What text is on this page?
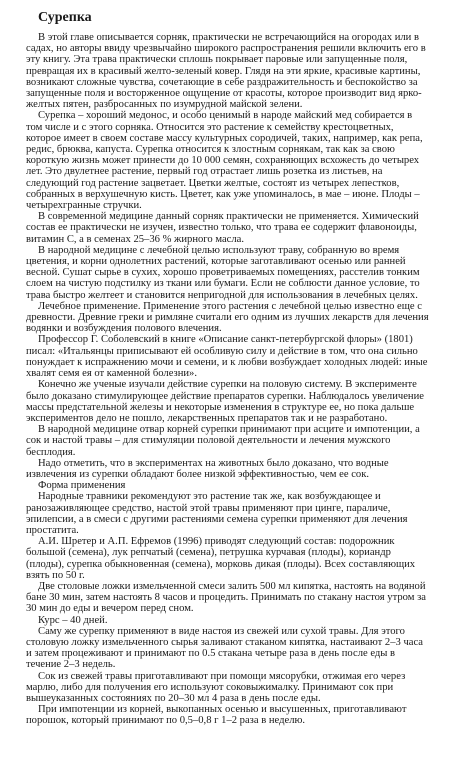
Сурепка

В этой главе описывается сорняк, практически не встречающийся на огородах или в садах, но авторы ввиду чрезвычайно широкого распространения решили включить его в эту книгу. Эта трава практически сплошь покрывает паровые или запущенные поля, превращая их в красивый желто-зеленый ковер. Глядя на эти яркие, красивые картины, возникают сложные чувства, сочетающие в себе раздражительность и беспокойство за запущенные поля и восторженное ощущение от красоты, которое производит вид ярко-желтых пятен, разбросанных по изумрудной майской зелени.

Сурепка – хороший медонос, и особо ценимый в народе майский мед собирается в том числе и с этого сорняка. Относится это растение к семейству крестоцветных, которое имеет в своем составе массу культурных сородичей, таких, например, как репа, редис, брюква, капуста. Сурепка относится к злостным сорнякам, так как за свою короткую жизнь может принести до 10 000 семян, сохраняющих всхожесть до четырех лет. Это двулетнее растение, первый год отрастает лишь розетка из листьев, на следующий год растение зацветает. Цветки желтые, состоят из четырех лепестков, собранных в верхушечную кисть. Цветет, как уже упоминалось, в мае – июне. Плоды – четырехгранные стручки.

В современной медицине данный сорняк практически не применяется. Химический состав ее практически не изучен, известно только, что трава ее содержит флавоноиды, витамин С, а в семенах 25–36 % жирного масла.

В народной медицине с лечебной целью используют траву, собранную во время цветения, и корни однолетних растений, которые заготавливают осенью или ранней весной. Сушат сырье в сухих, хорошо проветриваемых помещениях, расстелив тонким слоем на чистую подстилку из ткани или бумаги. Если не соблюсти данное условие, то трава быстро желтеет и становится непригодной для использования в лечебных целях.

Лечебное применение. Применение этого растения с лечебной целью известно еще с древности. Древние греки и римляне считали его одним из лучших лекарств для лечения водянки и возбуждения полового влечения.

Профессор Г. Соболевский в книге «Описание санкт-петербургской флоры» (1801) писал: «Итальянцы приписывают ей особливую силу и действие в том, что она сильно понуждает к испражнению мочи и семени, и к любви возбуждает холодных людей: иные хвалят семя ея от каменной болезни».

Конечно же ученые изучали действие сурепки на половую систему. В эксперименте было доказано стимулирующее действие препаратов сурепки. Наблюдалось увеличение массы предстательной железы и некоторые изменения в структуре ее, но пока дальше экспериментов дело не пошло, лекарственных препаратов так и не разработано.

В народной медицине отвар корней сурепки принимают при асците и импотенции, а сок и настой травы – для стимуляции половой деятельности и лечения мужского бесплодия.

Надо отметить, что в экспериментах на животных было доказано, что водные извлечения из сурепки обладают более низкой эффективностью, чем ее сок.

Форма применения

Народные травники рекомендуют это растение так же, как возбуждающее и ранозаживляющее средство, настой этой травы применяют при цинге, параличе, эпилепсии, а в смеси с другими растениями семена сурепки применяют для лечения простатита.

А.И. Шретер и А.П. Ефремов (1996) приводят следующий состав: подорожник большой (семена), лук репчатый (семена), петрушка курчавая (плоды), кориандр (плоды), сурепка обыкновенная (семена), морковь дикая (плоды). Всех составляющих взять по 50 г.

Две столовые ложки измельченной смеси залить 500 мл кипятка, настоять на водяной бане 30 мин, затем настоять 8 часов и процедить. Принимать по стакану настоя утром за 30 мин до еды и вечером перед сном.

Курс – 40 дней.

Саму же сурепку применяют в виде настоя из свежей или сухой травы. Для этого столовую ложку измельченного сырья заливают стаканом кипятка, настаивают 2–3 часа и затем процеживают и принимают по 0.5 стакана четыре раза в день после еды в течение 2–3 недель.

Сок из свежей травы приготавливают при помощи мясорубки, отжимая его через марлю, либо для получения его используют соковыжималку. Принимают сок при вышеуказанных состояниях по 20–30 мл 4 раза в день после еды.

При импотенции из корней, выкопанных осенью и высушенных, приготавливают порошок, который принимают по 0,5–0,8 г 1–2 раза в неделю.
